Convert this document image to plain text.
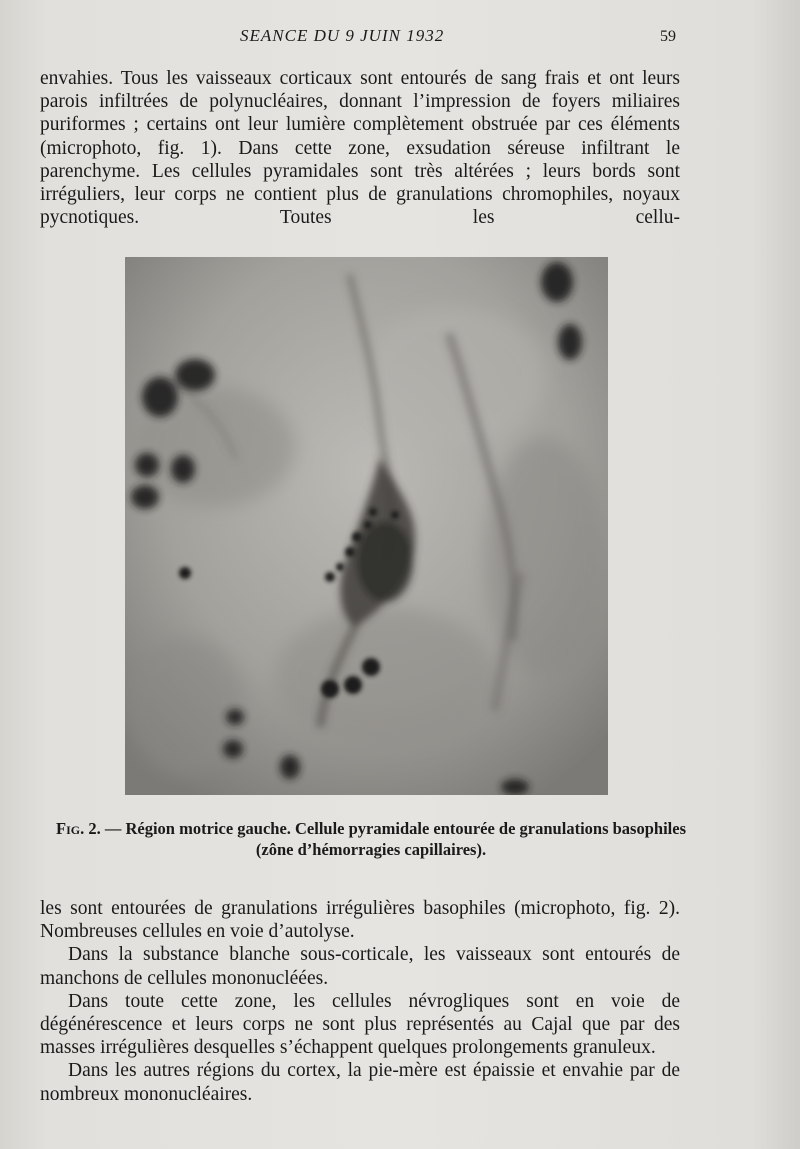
SEANCE DU 9 JUIN 1932	59

envahies. Tous les vaisseaux corticaux sont entourés de sang frais et ont leurs parois infiltrées de polynucléaires, donnant l’impression de foyers miliaires puriformes ; certains ont leur lumière complètement obstruée par ces éléments (microphoto, fig. 1). Dans cette zone, exsudation séreuse infiltrant le parenchyme. Les cellules pyramidales sont très altérées ; leurs bords sont irréguliers, leur corps ne contient plus de granulations chromophiles, noyaux pycnotiques. Toutes les cellu-

Fig. 2. — Région motrice gauche. Cellule pyramidale entourée de granulations basophiles (zône d’hémorragies capillaires).

les sont entourées de granulations irrégulières basophiles (microphoto, fig. 2). Nombreuses cellules en voie d’autolyse.

Dans la substance blanche sous-corticale, les vaisseaux sont entourés de manchons de cellules mononucléées.

Dans toute cette zone, les cellules névrogliques sont en voie de dégénérescence et leurs corps ne sont plus représentés au Cajal que par des masses irrégulières desquelles s’échappent quelques prolongements granuleux.

Dans les autres régions du cortex, la pie-mère est épaissie et envahie par de nombreux mononucléaires.
